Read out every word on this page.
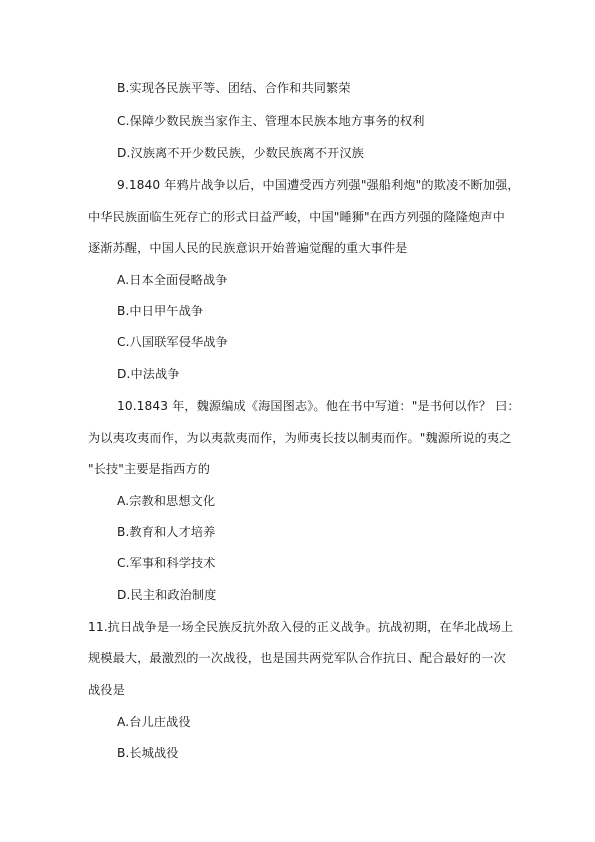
B.实现各民族平等、团结、合作和共同繁荣
C.保障少数民族当家作主、管理本民族本地方事务的权利
D.汉族离不开少数民族，少数民族离不开汉族
9.1840 年鸦片战争以后，中国遭受西方列强"强船利炮"的欺凌不断加强，
中华民族面临生死存亡的形式日益严峻，中国"睡狮"在西方列强的隆隆炮声中
逐渐苏醒，中国人民的民族意识开始普遍觉醒的重大事件是
A.日本全面侵略战争
B.中日甲午战争
C.八国联军侵华战争
D.中法战争
10.1843 年，魏源编成《海国图志》。他在书中写道："是书何以作？ 曰：
为以夷攻夷而作，为以夷款夷而作，为师夷长技以制夷而作。"魏源所说的夷之
"长技"主要是指西方的
A.宗教和思想文化
B.教育和人才培养
C.军事和科学技术
D.民主和政治制度
11.抗日战争是一场全民族反抗外敌入侵的正义战争。抗战初期，在华北战场上
规模最大，最激烈的一次战役，也是国共两党军队合作抗日、配合最好的一次
战役是
A.台儿庄战役
B.长城战役
